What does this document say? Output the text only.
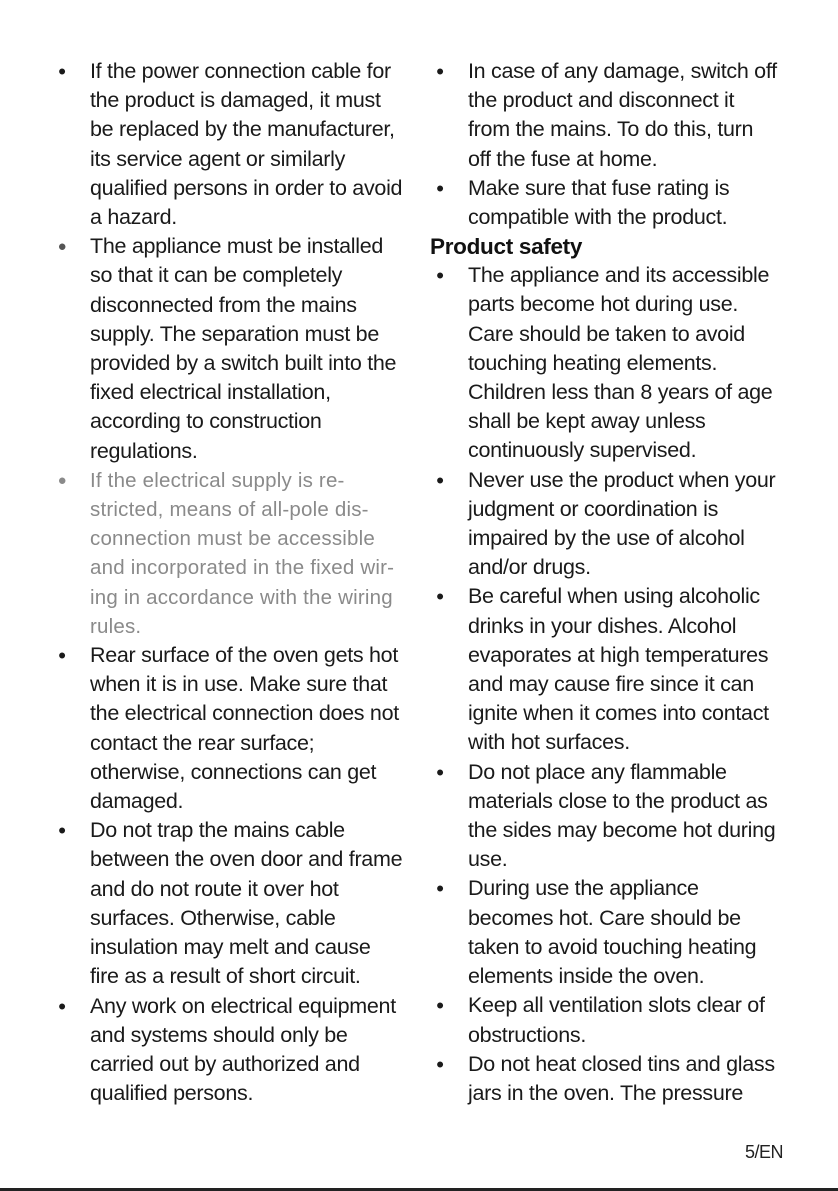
• If the power connection cable for
the product is damaged, it must
be replaced by the manufacturer,
its service agent or similarly
qualified persons in order to avoid
a hazard.
● The appliance must be installed
so that it can be completely
disconnected from the mains
supply. The separation must be
provided by a switch built into the
fixed electrical installation,
according to construction
regulations.
● If the electrical supply is re-
stricted, means of all-pole dis-
connection must be accessible
and incorporated in the fixed wir-
ing in accordance with the wiring
rules.
• Rear surface of the oven gets hot
when it is in use. Make sure that
the electrical connection does not
contact the rear surface;
otherwise, connections can get
damaged.
• Do not trap the mains cable
between the oven door and frame
and do not route it over hot
surfaces. Otherwise, cable
insulation may melt and cause
fire as a result of short circuit.
• Any work on electrical equipment
and systems should only be
carried out by authorized and
qualified persons.
• In case of any damage, switch off
the product and disconnect it
from the mains. To do this, turn
off the fuse at home.
• Make sure that fuse rating is
compatible with the product.
Product safety
• The appliance and its accessible
parts become hot during use.
Care should be taken to avoid
touching heating elements.
Children less than 8 years of age
shall be kept away unless
continuously supervised.
• Never use the product when your
judgment or coordination is
impaired by the use of alcohol
and/or drugs.
• Be careful when using alcoholic
drinks in your dishes. Alcohol
evaporates at high temperatures
and may cause fire since it can
ignite when it comes into contact
with hot surfaces.
• Do not place any flammable
materials close to the product as
the sides may become hot during
use.
• During use the appliance
becomes hot. Care should be
taken to avoid touching heating
elements inside the oven.
• Keep all ventilation slots clear of
obstructions.
• Do not heat closed tins and glass
jars in the oven. The pressure
5/EN
